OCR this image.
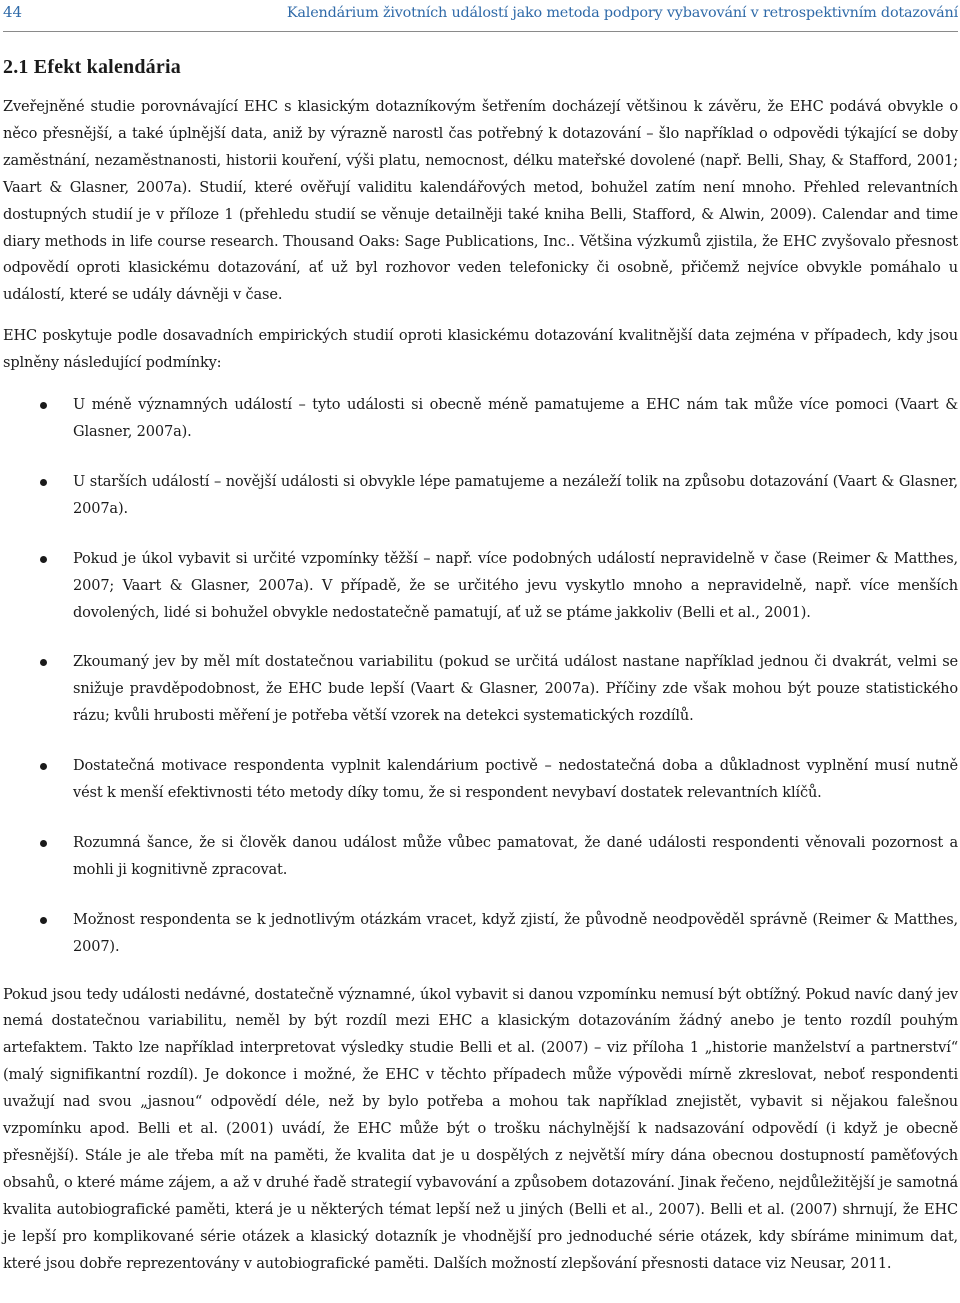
44	Kalendárium životních událostí jako metoda podpory vybavování v retrospektivním dotazování
2.1 Efekt kalendária

Zveřejněné studie porovnávající EHC s klasickým dotazníkovým šetřením docházejí většinou k závěru, že EHC podává obvykle o něco přesnější, a také úplnější data, aniž by výrazně narostl čas potřebný k dotazování – šlo například o odpovědi týkající se doby zaměstnání, nezaměstnanosti, historii kouření, výši platu, nemocnost, délku mateřské dovolené (např. Belli, Shay, & Stafford, 2001; Vaart & Glasner, 2007a). Studií, které ověřují validitu kalendářových metod, bohužel zatím není mnoho. Přehled relevantních dostupných studií je v příloze 1 (přehledu studií se věnuje detailněji také kniha Belli, Stafford, & Alwin, 2009). Calendar and time diary methods in life course research. Thousand Oaks: Sage Publications, Inc.. Většina výzkumů zjistila, že EHC zvyšovalo přesnost odpovědí oproti klasickému dotazování, ať už byl rozhovor veden telefonicky či osobně, přičemž nejvíce obvykle pomáhalo u událostí, které se udály dávněji v čase.

EHC poskytuje podle dosavadních empirických studií oproti klasickému dotazování kvalitnější data zejména v případech, kdy jsou splněny následující podmínky:

U méně významných událostí – tyto události si obecně méně pamatujeme a EHC nám tak může více pomoci (Vaart & Glasner, 2007a).

U starších událostí – novější události si obvykle lépe pamatujeme a nezáleží tolik na způsobu dotazování (Vaart & Glasner, 2007a).

Pokud je úkol vybavit si určité vzpomínky těžší – např. více podobných událostí nepravidelně v čase (Reimer & Matthes, 2007; Vaart & Glasner, 2007a). V případě, že se určitého jevu vyskytlo mnoho a nepravidelně, např. více menších dovolených, lidé si bohužel obvykle nedostatečně pamatují, ať už se ptáme jakkoliv (Belli et al., 2001).

Zkoumaný jev by měl mít dostatečnou variabilitu (pokud se určitá událost nastane například jednou či dvakrát, velmi se snižuje pravděpodobnost, že EHC bude lepší (Vaart & Glasner, 2007a). Příčiny zde však mohou být pouze statistického rázu; kvůli hrubosti měření je potřeba větší vzorek na detekci systematických rozdílů.

Dostatečná motivace respondenta vyplnit kalendárium poctivě – nedostatečná doba a důkladnost vyplnění musí nutně vést k menší efektivnosti této metody díky tomu, že si respondent nevybaví dostatek relevantních klíčů.

Rozumná šance, že si člověk danou událost může vůbec pamatovat, že dané události respondenti věnovali pozornost a mohli ji kognitivně zpracovat.

Možnost respondenta se k jednotlivým otázkám vracet, když zjistí, že původně neodpověděl správně (Reimer & Matthes, 2007).

Pokud jsou tedy události nedávné, dostatečně významné, úkol vybavit si danou vzpomínku nemusí být obtížný. Pokud navíc daný jev nemá dostatečnou variabilitu, neměl by být rozdíl mezi EHC a klasickým dotazováním žádný anebo je tento rozdíl pouhým artefaktem. Takto lze například interpretovat výsledky studie Belli et al. (2007) – viz příloha 1 „historie manželství a partnerství“ (malý signifikantní rozdíl). Je dokonce i možné, že EHC v těchto případech může výpovědi mírně zkreslovat, neboť respondenti uvažují nad svou „jasnou“ odpovědí déle, než by bylo potřeba a mohou tak například znejistět, vybavit si nějakou falešnou vzpomínku apod. Belli et al. (2001) uvádí, že EHC může být o trošku náchylnější k nadsazování odpovědí (i když je obecně přesnější). Stále je ale třeba mít na paměti, že kvalita dat je u dospělých z největší míry dána obecnou dostupností paměťových obsahů, o které máme zájem, a až v druhé řadě strategií vybavování a způsobem dotazování. Jinak řečeno, nejdůležitější je samotná kvalita autobiografické paměti, která je u některých témat lepší než u jiných (Belli et al., 2007). Belli et al. (2007) shrnují, že EHC je lepší pro komplikované série otázek a klasický dotazník je vhodnější pro jednoduché série otázek, kdy sbíráme minimum dat, které jsou dobře reprezentovány v autobiografické paměti. Dalších možností zlepšování přesnosti datace viz Neusar, 2011.
